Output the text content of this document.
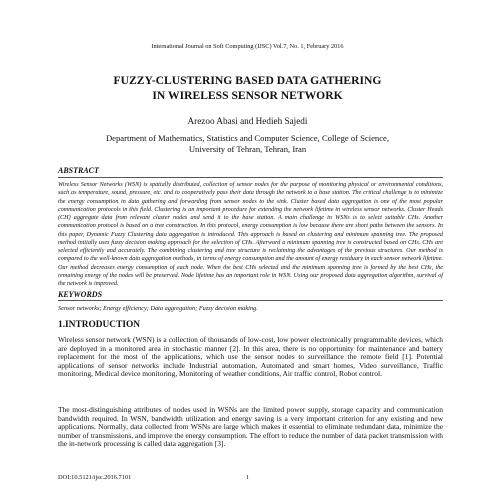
International Journal on Soft Computing (IJSC) Vol.7, No. 1, February 2016
FUZZY-CLUSTERING BASED DATA GATHERING
IN WIRELESS SENSOR NETWORK
Arezoo Abasi and Hedieh Sajedi
Department of Mathematics, Statistics and Computer Science, College of Science,
University of Tehran, Tehran, Iran
ABSTRACT
Wireless Sensor Networks (WSN) is spatially distributed, collection of sensor nodes for the purpose of monitoring physical or environmental conditions, such as temperature, sound, pressure, etc. and to cooperatively pass their data through the network to a base station. The critical challenge is to minimize the energy consumption in data gathering and forwarding from sensor nodes to the sink. Cluster based data aggregation is one of the most popular communication protocols in this field. Clustering is an important procedure for extending the network lifetime in wireless sensor networks. Cluster Heads (CH) aggregate data from relevant cluster nodes and send it to the base station. A main challenge in WSNs is to select suitable CHs. Another communication protocol is based on a tree construction. In this protocol, energy consumption is low because there are short paths between the sensors. In this paper, Dynamic Fuzzy Clustering data aggregation is introduced. This approach is based on clustering and minimum spanning tree. The proposed method initially uses fuzzy decision making approach for the selection of CHs. Afterward a minimum spanning tree is constructed based on CHs. CHs are selected efficiently and accurately. The combining clustering and tree structure is reclaiming the advantages of the previous structures. Our method is compared to the well-known data aggregation methods, in terms of energy consumption and the amount of energy residuary in each sensor network lifetime. Our method decreases energy consumption of each node. When the best CHs selected and the minimum spanning tree is formed by the best CHs, the remaining energy of the nodes will be preserved. Node lifetime has an important role in WSN. Using our proposed data aggregation algorithm, survival of the network is improved.
KEYWORDS
Sensor networks; Energy efficiency; Data aggregation; Fuzzy decision making.
1.INTRODUCTION
Wireless sensor network (WSN) is a collection of thousands of low-cost, low power electronically programmable devices, which are deployed in a monitored area in stochastic manner [2]. In this area, there is no opportunity for maintenance and battery replacement for the most of the applications, which use the sensor nodes to surveillance the remote field [1]. Potential applications of sensor networks include Industrial automation, Automated and smart homes, Video surveillance, Traffic monitoring, Medical device monitoring, Monitoring of weather conditions, Air traffic control, Robot control.
The most-distinguishing attributes of nodes used in WSNs are the limited power supply, storage capacity and communication bandwidth required. In WSN, bandwidth utilization and energy saving is a very important criterion for any existing and new applications. Normally, data collected from WSNs are large which makes it essential to eliminate redundant data, minimize the number of transmissions, and improve the energy consumption. The effort to reduce the number of data packet transmission with the in-network processing is called data aggregation [3].
DOI:10.5121/ijsc.2016.7101	1
